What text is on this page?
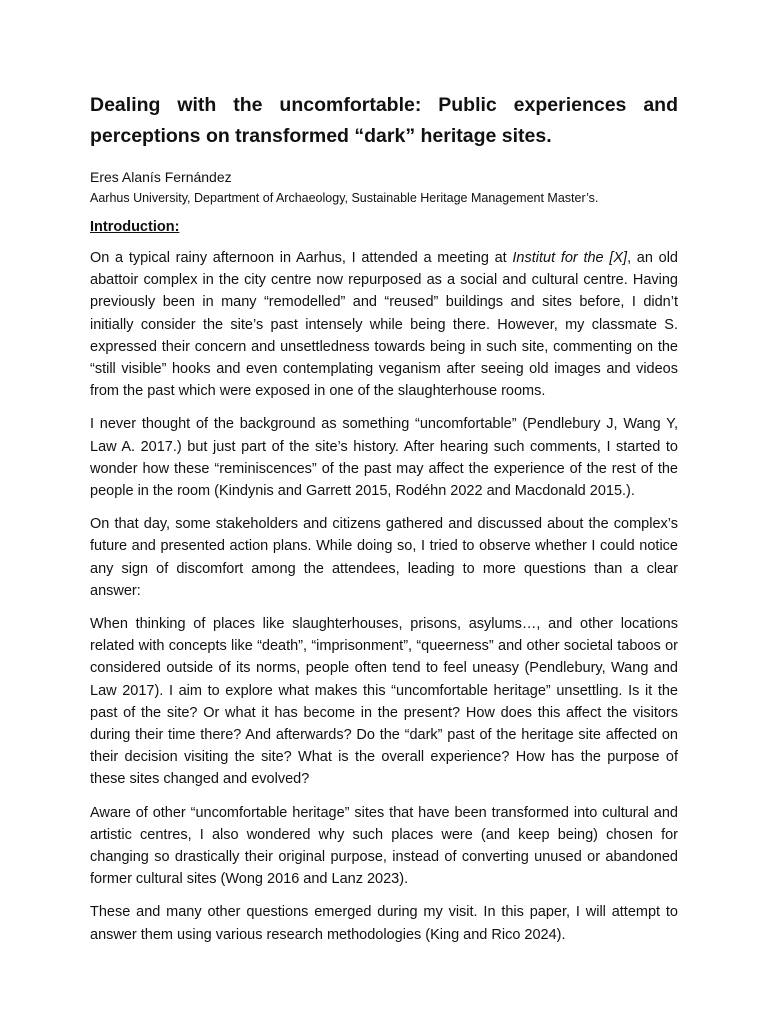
Dealing with the uncomfortable: Public experiences and perceptions on transformed “dark” heritage sites.

Eres Alanís Fernández

Aarhus University, Department of Archaeology, Sustainable Heritage Management Master’s.

Introduction:

On a typical rainy afternoon in Aarhus, I attended a meeting at Institut for the [X], an old abattoir complex in the city centre now repurposed as a social and cultural centre. Having previously been in many “remodelled” and “reused” buildings and sites before, I didn’t initially consider the site’s past intensely while being there. However, my classmate S. expressed their concern and unsettledness towards being in such site, commenting on the “still visible” hooks and even contemplating veganism after seeing old images and videos from the past which were exposed in one of the slaughterhouse rooms.

I never thought of the background as something “uncomfortable” (Pendlebury J, Wang Y, Law A. 2017.) but just part of the site’s history. After hearing such comments, I started to wonder how these “reminiscences” of the past may affect the experience of the rest of the people in the room (Kindynis and Garrett 2015, Rodéhn 2022 and Macdonald 2015.).

On that day, some stakeholders and citizens gathered and discussed about the complex’s future and presented action plans. While doing so, I tried to observe whether I could notice any sign of discomfort among the attendees, leading to more questions than a clear answer:

When thinking of places like slaughterhouses, prisons, asylums…, and other locations related with concepts like “death”, “imprisonment”, “queerness” and other societal taboos or considered outside of its norms, people often tend to feel uneasy (Pendlebury, Wang and Law 2017). I aim to explore what makes this “uncomfortable heritage” unsettling. Is it the past of the site? Or what it has become in the present? How does this affect the visitors during their time there? And afterwards? Do the “dark” past of the heritage site affected on their decision visiting the site? What is the overall experience? How has the purpose of these sites changed and evolved?

Aware of other “uncomfortable heritage” sites that have been transformed into cultural and artistic centres, I also wondered why such places were (and keep being) chosen for changing so drastically their original purpose, instead of converting unused or abandoned former cultural sites (Wong 2016 and Lanz 2023).

These and many other questions emerged during my visit. In this paper, I will attempt to answer them using various research methodologies (King and Rico 2024).
